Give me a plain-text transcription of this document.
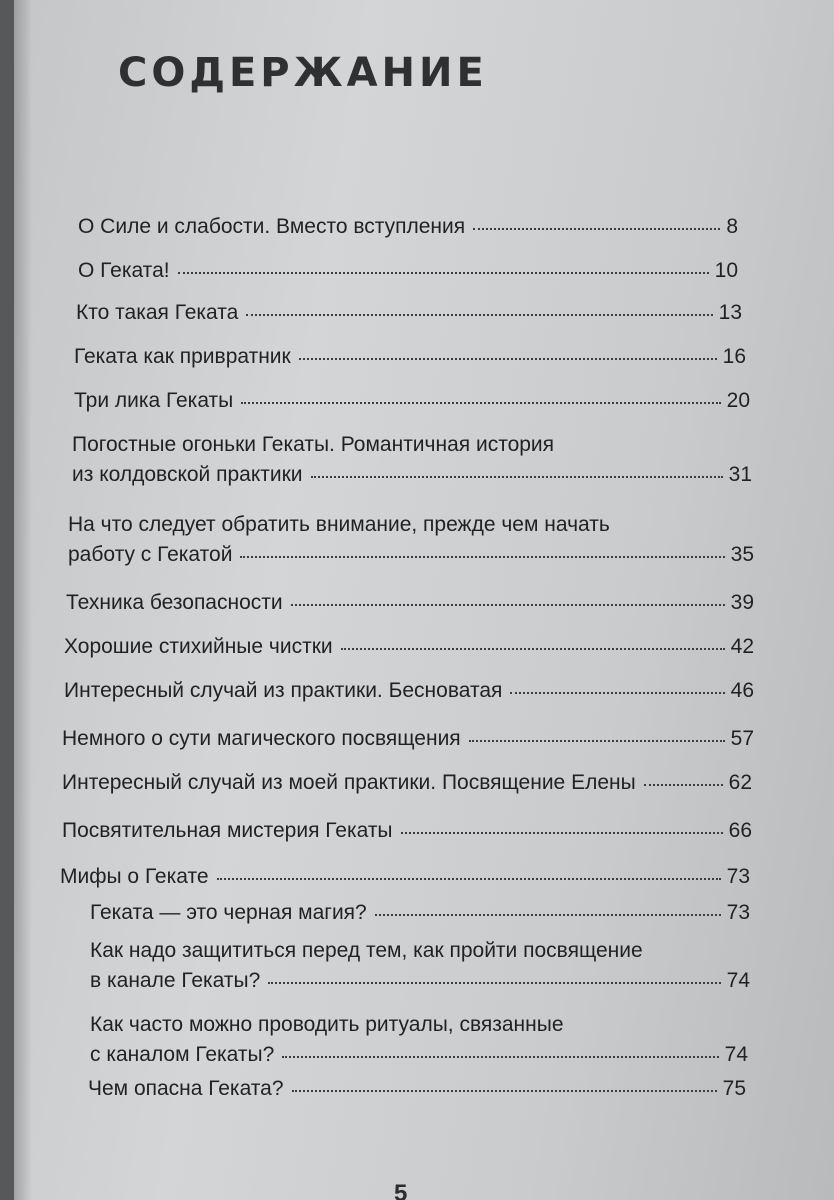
СОДЕРЖАНИЕ
О Силе и слабости. Вместо вступления	8
О Геката!	10
Кто такая Геката	13
Геката как привратник	16
Три лика Гекаты	20
Погостные огоньки Гекаты. Романтичная история
из колдовской практики	31
На что следует обратить внимание, прежде чем начать
работу с Гекатой	35
Техника безопасности	39
Хорошие стихийные чистки	42
Интересный случай из практики. Бесноватая	46
Немного о сути магического посвящения	57
Интересный случай из моей практики. Посвящение Елены	62
Посвятительная мистерия Гекаты	66
Мифы о Гекате	73
Геката — это черная магия?	73
Как надо защититься перед тем, как пройти посвящение
в канале Гекаты?	74
Как часто можно проводить ритуалы, связанные
с каналом Гекаты?	74
Чем опасна Геката?	75
5
